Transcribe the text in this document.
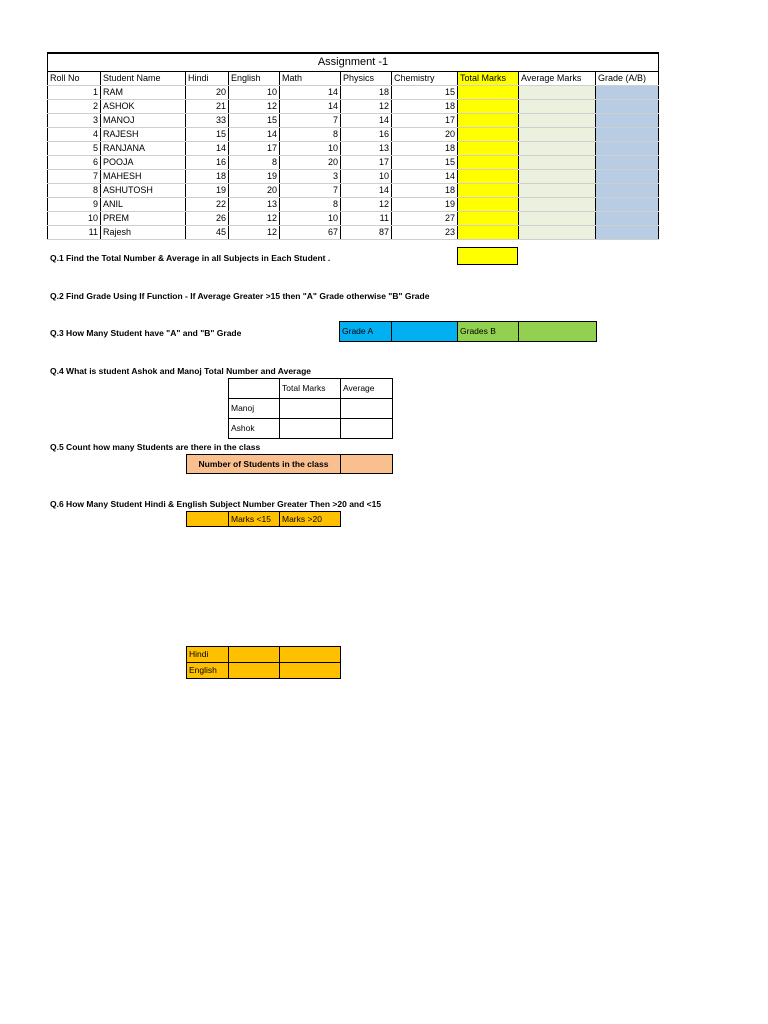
Assignment -1									
Roll No	Student Name	Hindi	English	Math	Physics	Chemistry	Total Marks	Average Marks	Grade (A/B)
1	RAM	20	10	14	18	15			
2	ASHOK	21	12	14	12	18			
3	MANOJ	33	15	7	14	17			
4	RAJESH	15	14	8	16	20			
5	RANJANA	14	17	10	13	18			
6	POOJA	16	8	20	17	15			
7	MAHESH	18	19	3	10	14			
8	ASHUTOSH	19	20	7	14	18			
9	ANIL	22	13	8	12	19			
10	PREM	26	12	10	11	27			
11	Rajesh	45	12	67	87	23			
Q.1 Find the Total Number & Average in all Subjects in Each Student .
Q.2 Find Grade Using If Function - If Average Greater >15 then "A" Grade otherwise "B" Grade
Q.3 How Many Student have "A" and "B" Grade	Grade A		Grades B	
Q.4 What is student Ashok and Manoj Total Number and Average
	Total Marks	Average
Manoj		
Ashok		
Q.5 Count how many Students are there in the class
Number of Students in the class	
Q.6 How Many Student Hindi & English Subject Number Greater Then >20 and <15
	Marks <15	Marks >20
Hindi		
English		
